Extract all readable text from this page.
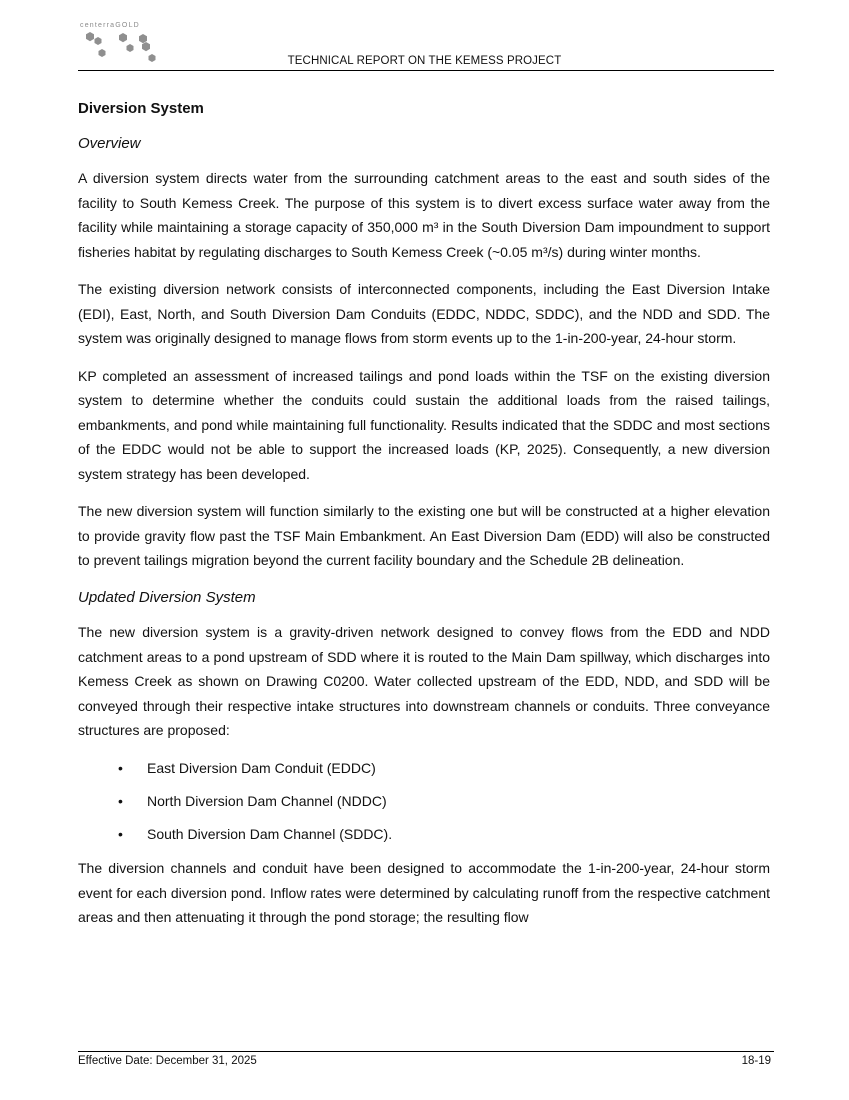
centerraGOLD
TECHNICAL REPORT ON THE KEMESS PROJECT
Diversion System
Overview

A diversion system directs water from the surrounding catchment areas to the east and south sides of the facility to South Kemess Creek. The purpose of this system is to divert excess surface water away from the facility while maintaining a storage capacity of 350,000 m³ in the South Diversion Dam impoundment to support fisheries habitat by regulating discharges to South Kemess Creek (~0.05 m³/s) during winter months.

The existing diversion network consists of interconnected components, including the East Diversion Intake (EDI), East, North, and South Diversion Dam Conduits (EDDC, NDDC, SDDC), and the NDD and SDD. The system was originally designed to manage flows from storm events up to the 1-in-200-year, 24-hour storm.

KP completed an assessment of increased tailings and pond loads within the TSF on the existing diversion system to determine whether the conduits could sustain the additional loads from the raised tailings, embankments, and pond while maintaining full functionality. Results indicated that the SDDC and most sections of the EDDC would not be able to support the increased loads (KP, 2025). Consequently, a new diversion system strategy has been developed.

The new diversion system will function similarly to the existing one but will be constructed at a higher elevation to provide gravity flow past the TSF Main Embankment. An East Diversion Dam (EDD) will also be constructed to prevent tailings migration beyond the current facility boundary and the Schedule 2B delineation.

Updated Diversion System

The new diversion system is a gravity-driven network designed to convey flows from the EDD and NDD catchment areas to a pond upstream of SDD where it is routed to the Main Dam spillway, which discharges into Kemess Creek as shown on Drawing C0200. Water collected upstream of the EDD, NDD, and SDD will be conveyed through their respective intake structures into downstream channels or conduits. Three conveyance structures are proposed:

• East Diversion Dam Conduit (EDDC)
• North Diversion Dam Channel (NDDC)
• South Diversion Dam Channel (SDDC).

The diversion channels and conduit have been designed to accommodate the 1-in-200-year, 24-hour storm event for each diversion pond. Inflow rates were determined by calculating runoff from the respective catchment areas and then attenuating it through the pond storage; the resulting flow

Effective Date: December 31, 2025	18-19
